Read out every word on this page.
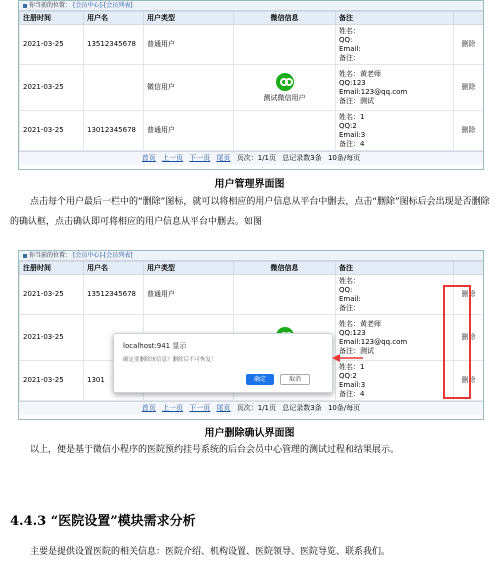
你当前的位置： [会员中心]-[会员列表]
注册时间	用户名	用户类型	微信信息	备注	
2021-03-25	13512345678	普通用户		姓名：
QQ:
Email:
备注：	删除
2021-03-25		微信用户	测试微信用户	姓名：黄老师
QQ:123
Email:123@qq.com
备注：测试	删除
2021-03-25	13012345678	普通用户		姓名：1
QQ:2
Email:3
备注：4	删除
首页 上一页 下一页 尾页 页次：1/1页 总记录数3条 10条/每页
用户管理界面图

点击每个用户最后一栏中的“删除”图标，就可以将相应的用户信息从平台中删去，点击“删除”图标后会出现是否删除的确认框，点击确认即可将相应的用户信息从平台中删去。如图

你当前的位置： [会员中心]-[会员列表]
注册时间	用户名	用户类型	微信信息	备注	
2021-03-25	13512345678	普通用户		姓名：
QQ:
Email:
备注：	删除
2021-03-25				姓名：黄老师
QQ:123
Email:123@qq.com
备注：测试	删除
2021-03-25	1301			姓名：1
QQ:2
Email:3
备注：4	删除
首页 上一页 下一页 尾页 页次：1/1页 总记录数3条 10条/每页
localhost:941 显示
确定要删除该信息？删除后不可恢复！
确定	取消
用户删除确认界面图

以上，便是基于微信小程序的医院预约挂号系统的后台会员中心管理的测试过程和结果展示。

4.4.3 “医院设置”模块需求分析

主要是提供设置医院的相关信息：医院介绍、机构设置、医院领导、医院导览、联系我们。
